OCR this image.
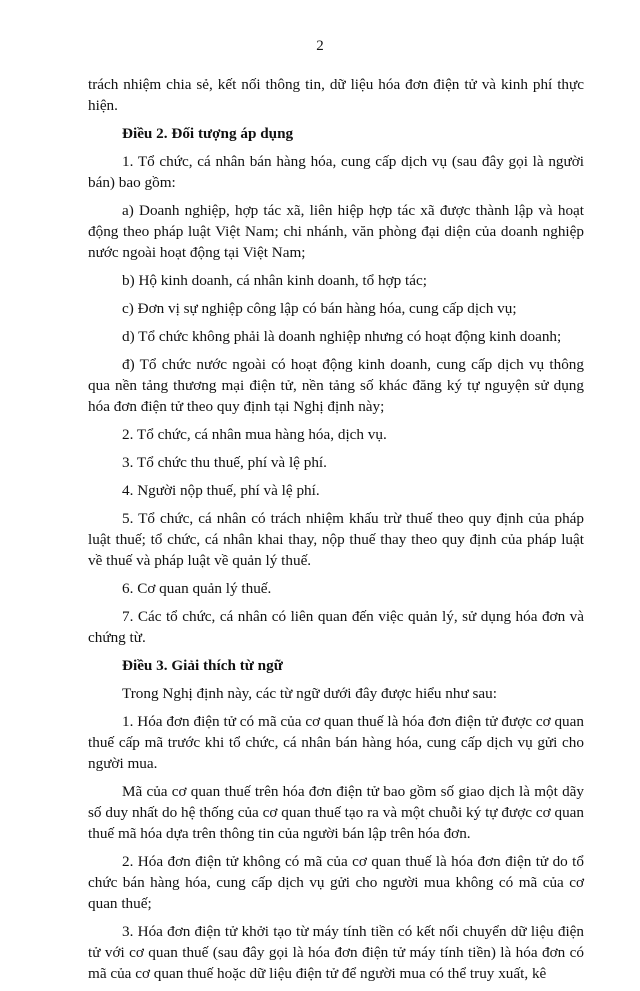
2

trách nhiệm chia sẻ, kết nối thông tin, dữ liệu hóa đơn điện tử và kinh phí thực hiện.

Điều 2. Đối tượng áp dụng

1. Tổ chức, cá nhân bán hàng hóa, cung cấp dịch vụ (sau đây gọi là người bán) bao gồm:

a) Doanh nghiệp, hợp tác xã, liên hiệp hợp tác xã được thành lập và hoạt động theo pháp luật Việt Nam; chi nhánh, văn phòng đại diện của doanh nghiệp nước ngoài hoạt động tại Việt Nam;

b) Hộ kinh doanh, cá nhân kinh doanh, tổ hợp tác;

c) Đơn vị sự nghiệp công lập có bán hàng hóa, cung cấp dịch vụ;

d) Tổ chức không phải là doanh nghiệp nhưng có hoạt động kinh doanh;

đ) Tổ chức nước ngoài có hoạt động kinh doanh, cung cấp dịch vụ thông qua nền tảng thương mại điện tử, nền tảng số khác đăng ký tự nguyện sử dụng hóa đơn điện tử theo quy định tại Nghị định này;

2. Tổ chức, cá nhân mua hàng hóa, dịch vụ.

3. Tổ chức thu thuế, phí và lệ phí.

4. Người nộp thuế, phí và lệ phí.

5. Tổ chức, cá nhân có trách nhiệm khấu trừ thuế theo quy định của pháp luật thuế; tổ chức, cá nhân khai thay, nộp thuế thay theo quy định của pháp luật về thuế và pháp luật về quản lý thuế.

6. Cơ quan quản lý thuế.

7. Các tổ chức, cá nhân có liên quan đến việc quản lý, sử dụng hóa đơn và chứng từ.

Điều 3. Giải thích từ ngữ

Trong Nghị định này, các từ ngữ dưới đây được hiểu như sau:

1. Hóa đơn điện tử có mã của cơ quan thuế là hóa đơn điện tử được cơ quan thuế cấp mã trước khi tổ chức, cá nhân bán hàng hóa, cung cấp dịch vụ gửi cho người mua.

Mã của cơ quan thuế trên hóa đơn điện tử bao gồm số giao dịch là một dãy số duy nhất do hệ thống của cơ quan thuế tạo ra và một chuỗi ký tự được cơ quan thuế mã hóa dựa trên thông tin của người bán lập trên hóa đơn.

2. Hóa đơn điện tử không có mã của cơ quan thuế là hóa đơn điện tử do tổ chức bán hàng hóa, cung cấp dịch vụ gửi cho người mua không có mã của cơ quan thuế;

3. Hóa đơn điện tử khởi tạo từ máy tính tiền có kết nối chuyển dữ liệu điện tử với cơ quan thuế (sau đây gọi là hóa đơn điện tử máy tính tiền) là hóa đơn có mã của cơ quan thuế hoặc dữ liệu điện tử để người mua có thể truy xuất, kê
